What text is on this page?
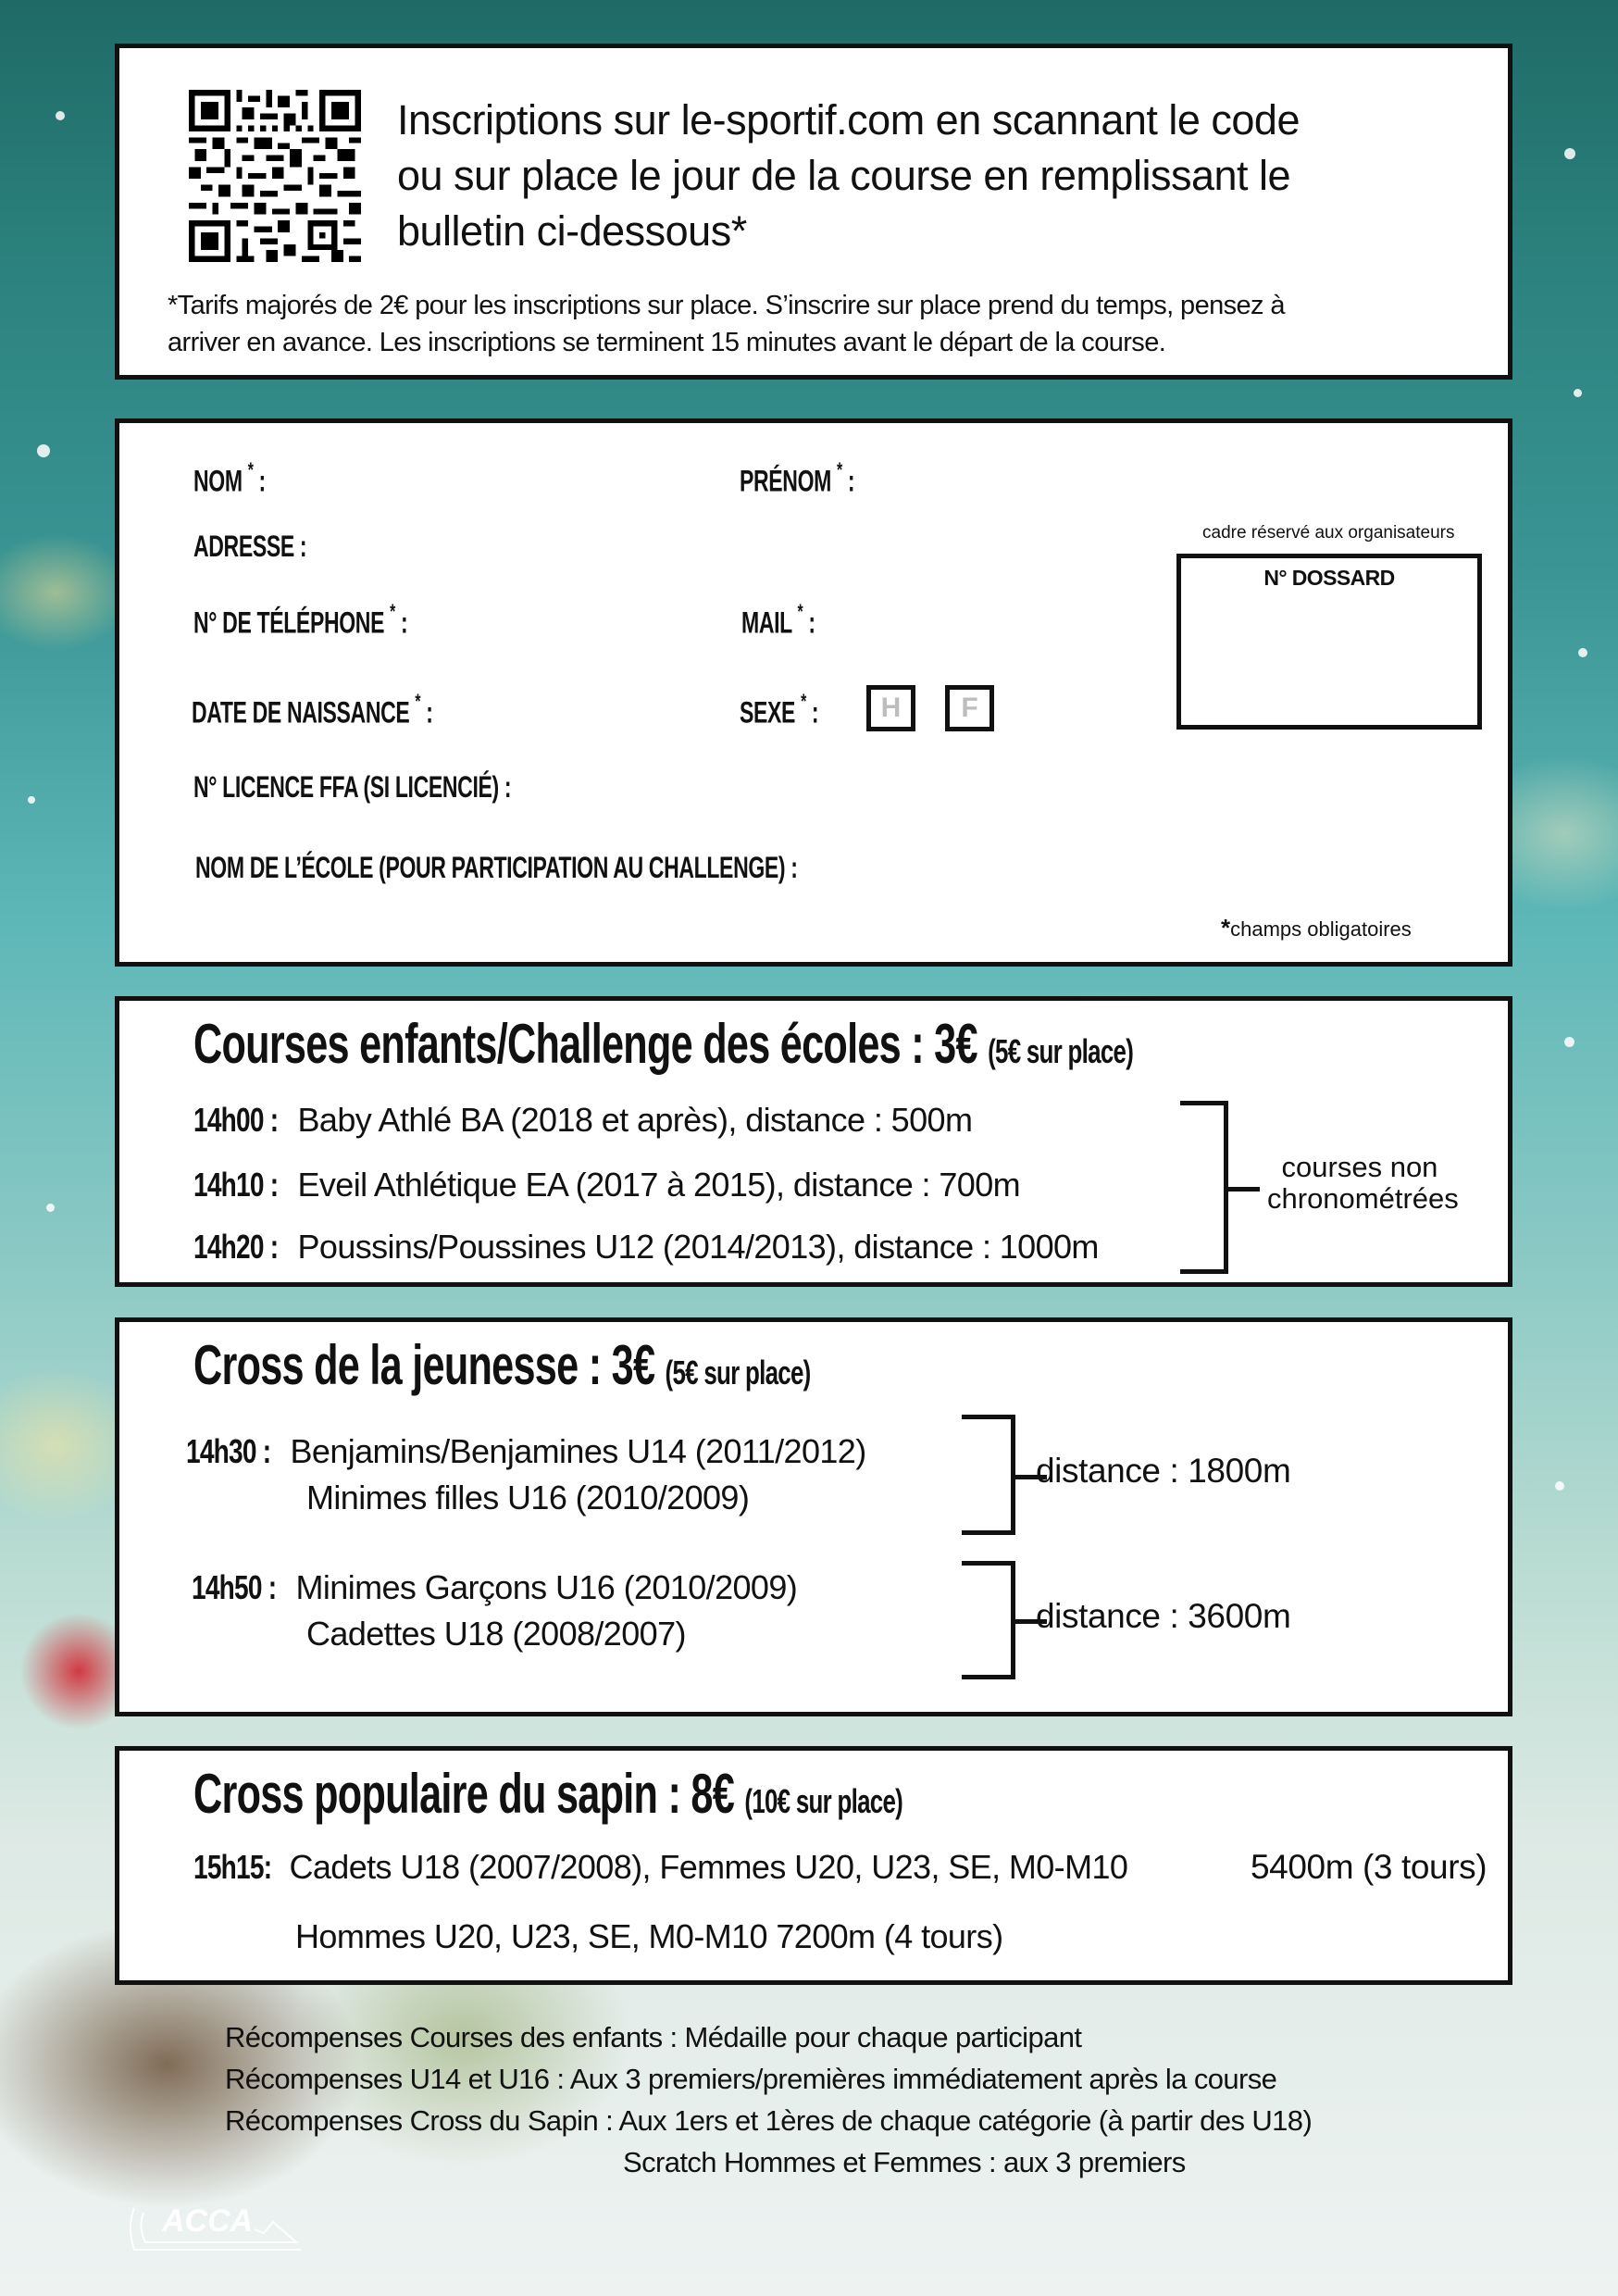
Inscriptions sur le-sportif.com en scannant le code
ou sur place le jour de la course en remplissant le
bulletin ci-dessous*
*Tarifs majorés de 2€ pour les inscriptions sur place. S’inscrire sur place prend du temps, pensez à
arriver en avance. Les inscriptions se terminent 15 minutes avant le départ de la course.
NOM * :	PRÉNOM * :
ADRESSE :
N° DE TÉLÉPHONE * :	MAIL * :
DATE DE NAISSANCE * :	SEXE * :	H	F
N° LICENCE FFA (SI LICENCIÉ) :
NOM DE L’ÉCOLE (POUR PARTICIPATION AU CHALLENGE) :
cadre réservé aux organisateurs
N° DOSSARD
*champs obligatoires
Courses enfants/Challenge des écoles : 3€ (5€ sur place)
14h00 : Baby Athlé BA (2018 et après), distance : 500m
14h10 : Eveil Athlétique EA (2017 à 2015), distance : 700m
14h20 : Poussins/Poussines U12 (2014/2013), distance : 1000m
courses non
chronométrées
Cross de la jeunesse : 3€ (5€ sur place)
14h30 : Benjamins/Benjamines U14 (2011/2012)
Minimes filles U16 (2010/2009)
distance : 1800m
14h50 : Minimes Garçons U16 (2010/2009)
Cadettes U18 (2008/2007)	distance : 3600m
Cross populaire du sapin : 8€ (10€ sur place)
15h15: Cadets U18 (2007/2008), Femmes U20, U23, SE, M0-M10	5400m (3 tours)
Hommes U20, U23, SE, M0-M10 7200m (4 tours)
Récompenses Courses des enfants : Médaille pour chaque participant
Récompenses U14 et U16 : Aux 3 premiers/premières immédiatement après la course
Récompenses Cross du Sapin : Aux 1ers et 1ères de chaque catégorie (à partir des U18)
Scratch Hommes et Femmes : aux 3 premiers
ACCA
